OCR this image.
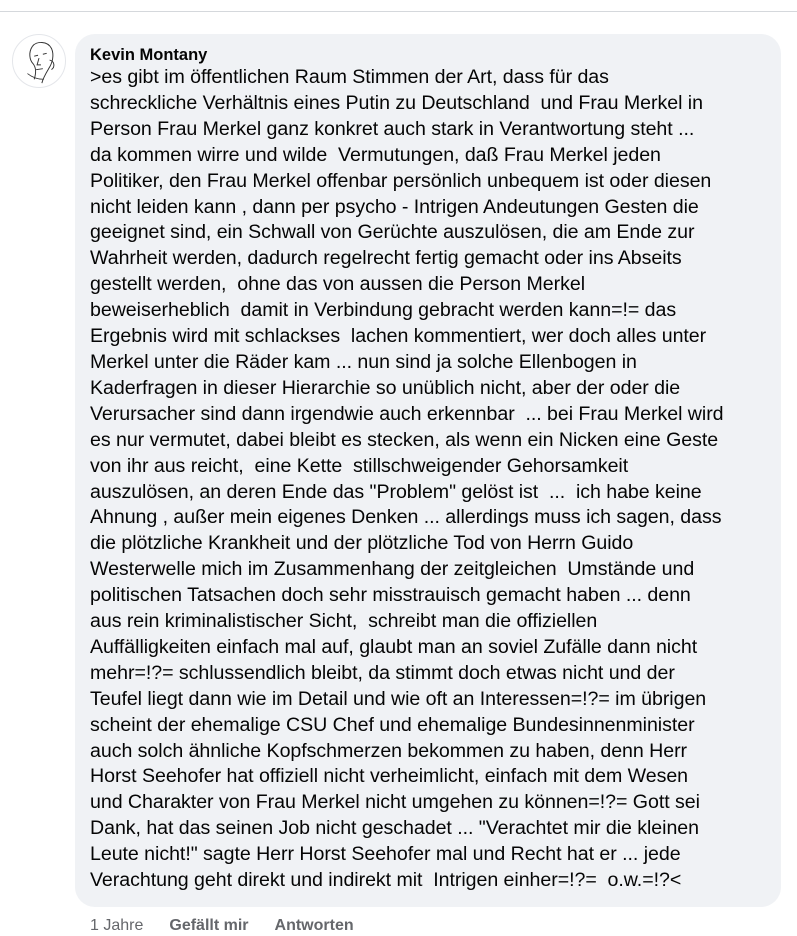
Kevin Montany
>es gibt im öffentlichen Raum Stimmen der Art, dass für das
schreckliche Verhältnis eines Putin zu Deutschland  und Frau Merkel in
Person Frau Merkel ganz konkret auch stark in Verantwortung steht ...
da kommen wirre und wilde  Vermutungen, daß Frau Merkel jeden
Politiker, den Frau Merkel offenbar persönlich unbequem ist oder diesen
nicht leiden kann , dann per psycho - Intrigen Andeutungen Gesten die
geeignet sind, ein Schwall von Gerüchte auszulösen, die am Ende zur
Wahrheit werden, dadurch regelrecht fertig gemacht oder ins Abseits
gestellt werden,  ohne das von aussen die Person Merkel
beweiserheblich  damit in Verbindung gebracht werden kann=!= das
Ergebnis wird mit schlackses  lachen kommentiert, wer doch alles unter
Merkel unter die Räder kam ... nun sind ja solche Ellenbogen in
Kaderfragen in dieser Hierarchie so unüblich nicht, aber der oder die
Verursacher sind dann irgendwie auch erkennbar  ... bei Frau Merkel wird
es nur vermutet, dabei bleibt es stecken, als wenn ein Nicken eine Geste
von ihr aus reicht,  eine Kette  stillschweigender Gehorsamkeit
auszulösen, an deren Ende das "Problem" gelöst ist  ...  ich habe keine
Ahnung , außer mein eigenes Denken ... allerdings muss ich sagen, dass
die plötzliche Krankheit und der plötzliche Tod von Herrn Guido
Westerwelle mich im Zusammenhang der zeitgleichen  Umstände und
politischen Tatsachen doch sehr misstrauisch gemacht haben ... denn
aus rein kriminalistischer Sicht,  schreibt man die offiziellen
Auffälligkeiten einfach mal auf, glaubt man an soviel Zufälle dann nicht
mehr=!?= schlussendlich bleibt, da stimmt doch etwas nicht und der
Teufel liegt dann wie im Detail und wie oft an Interessen=!?= im übrigen
scheint der ehemalige CSU Chef und ehemalige Bundesinnenminister
auch solch ähnliche Kopfschmerzen bekommen zu haben, denn Herr
Horst Seehofer hat offiziell nicht verheimlicht, einfach mit dem Wesen
und Charakter von Frau Merkel nicht umgehen zu können=!?= Gott sei
Dank, hat das seinen Job nicht geschadet ... "Verachtet mir die kleinen
Leute nicht!" sagte Herr Horst Seehofer mal und Recht hat er ... jede
Verachtung geht direkt und indirekt mit  Intrigen einher=!?=  o.w.=!?<
1 Jahre Gefällt mir Antworten
